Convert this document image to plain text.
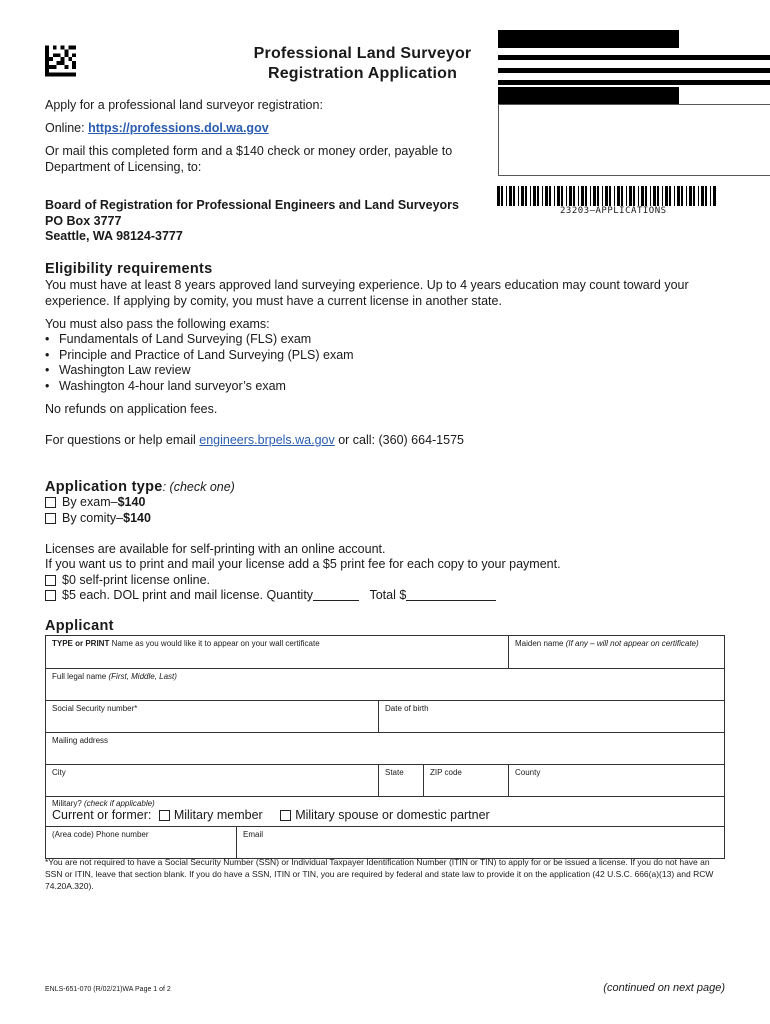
Professional Land Surveyor
Registration Application
23203—APPLICATIONS
Apply for a professional land surveyor registration:
Online: https://professions.dol.wa.gov
Or mail this completed form and a $140 check or money order, payable to Department of Licensing, to:
Board of Registration for Professional Engineers and Land Surveyors
PO Box 3777
Seattle, WA 98124-3777
Eligibility requirements
You must have at least 8 years approved land surveying experience. Up to 4 years education may count toward your experience. If applying by comity, you must have a current license in another state.
You must also pass the following exams:
• Fundamentals of Land Surveying (FLS) exam
• Principle and Practice of Land Surveying (PLS) exam
• Washington Law review
• Washington 4-hour land surveyor’s exam
No refunds on application fees.
For questions or help email engineers.brpels.wa.gov or call: (360) 664-1575
Application type: (check one)
By exam–$140
By comity–$140
Licenses are available for self-printing with an online account.
If you want us to print and mail your license add a $5 print fee for each copy to your payment.
$0 self-print license online.
$5 each. DOL print and mail license. Quantity	Total $
Applicant
TYPE or PRINT Name as you would like it to appear on your wall certificate	Maiden name (If any – will not appear on certificate)
Full legal name (First, Middle, Last)
Social Security number*	Date of birth
Mailing address
City	State	ZIP code	County
Military? (check if applicable)
Current or former: Military member	Military spouse or domestic partner
(Area code) Phone number	Email
*You are not required to have a Social Security Number (SSN) or Individual Taxpayer Identification Number (ITIN or TIN) to apply for or be issued a license. If you do not have an SSN or ITIN, leave that section blank. If you do have a SSN, ITIN or TIN, you are required by federal and state law to provide it on the application (42 U.S.C. 666(a)(13) and RCW 74.20A.320).
ENLS-651-070 (R/02/21)WA Page 1 of 2	(continued on next page)
